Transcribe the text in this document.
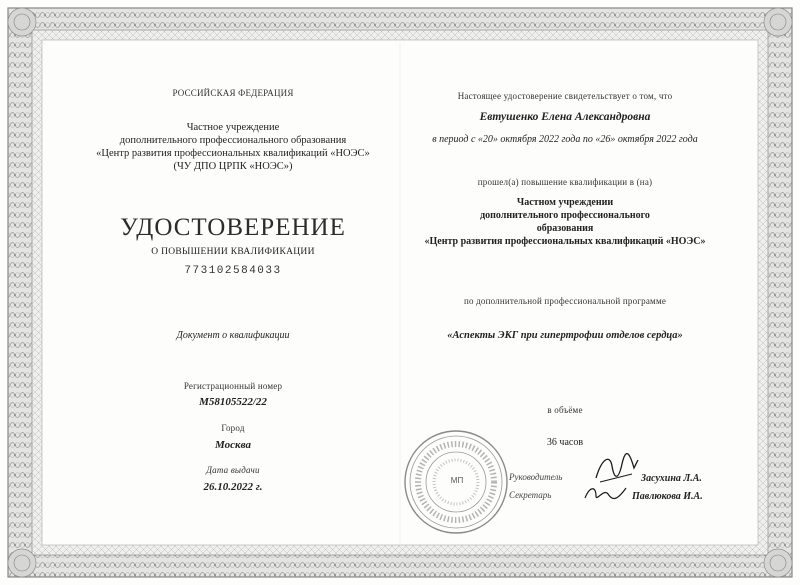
РОССИЙСКАЯ ФЕДЕРАЦИЯ
Частное учреждение
дополнительного профессионального образования
«Центр развития профессиональных квалификаций «НОЭС»
(ЧУ ДПО ЦРПК «НОЭС»)
УДОСТОВЕРЕНИЕ
О ПОВЫШЕНИИ КВАЛИФИКАЦИИ
773102584033
Документ о квалификации
Регистрационный номер
М58105522/22
Город
Москва
Дата выдачи
26.10.2022 г.
Настоящее удостоверение свидетельствует о том, что
Евтушенко Елена Александровна
в период с «20» октября 2022 года по «26» октября 2022 года
прошел(а) повышение квалификации в (на)
Частном учреждении
дополнительного профессионального
образования
«Центр развития профессиональных квалификаций «НОЭС»
по дополнительной профессиональной программе
«Аспекты ЭКГ при гипертрофии отделов сердца»
в объёме
36 часов
МП	Руководитель
Секретарь
Засухина Л.А.
Павлюкова И.А.
